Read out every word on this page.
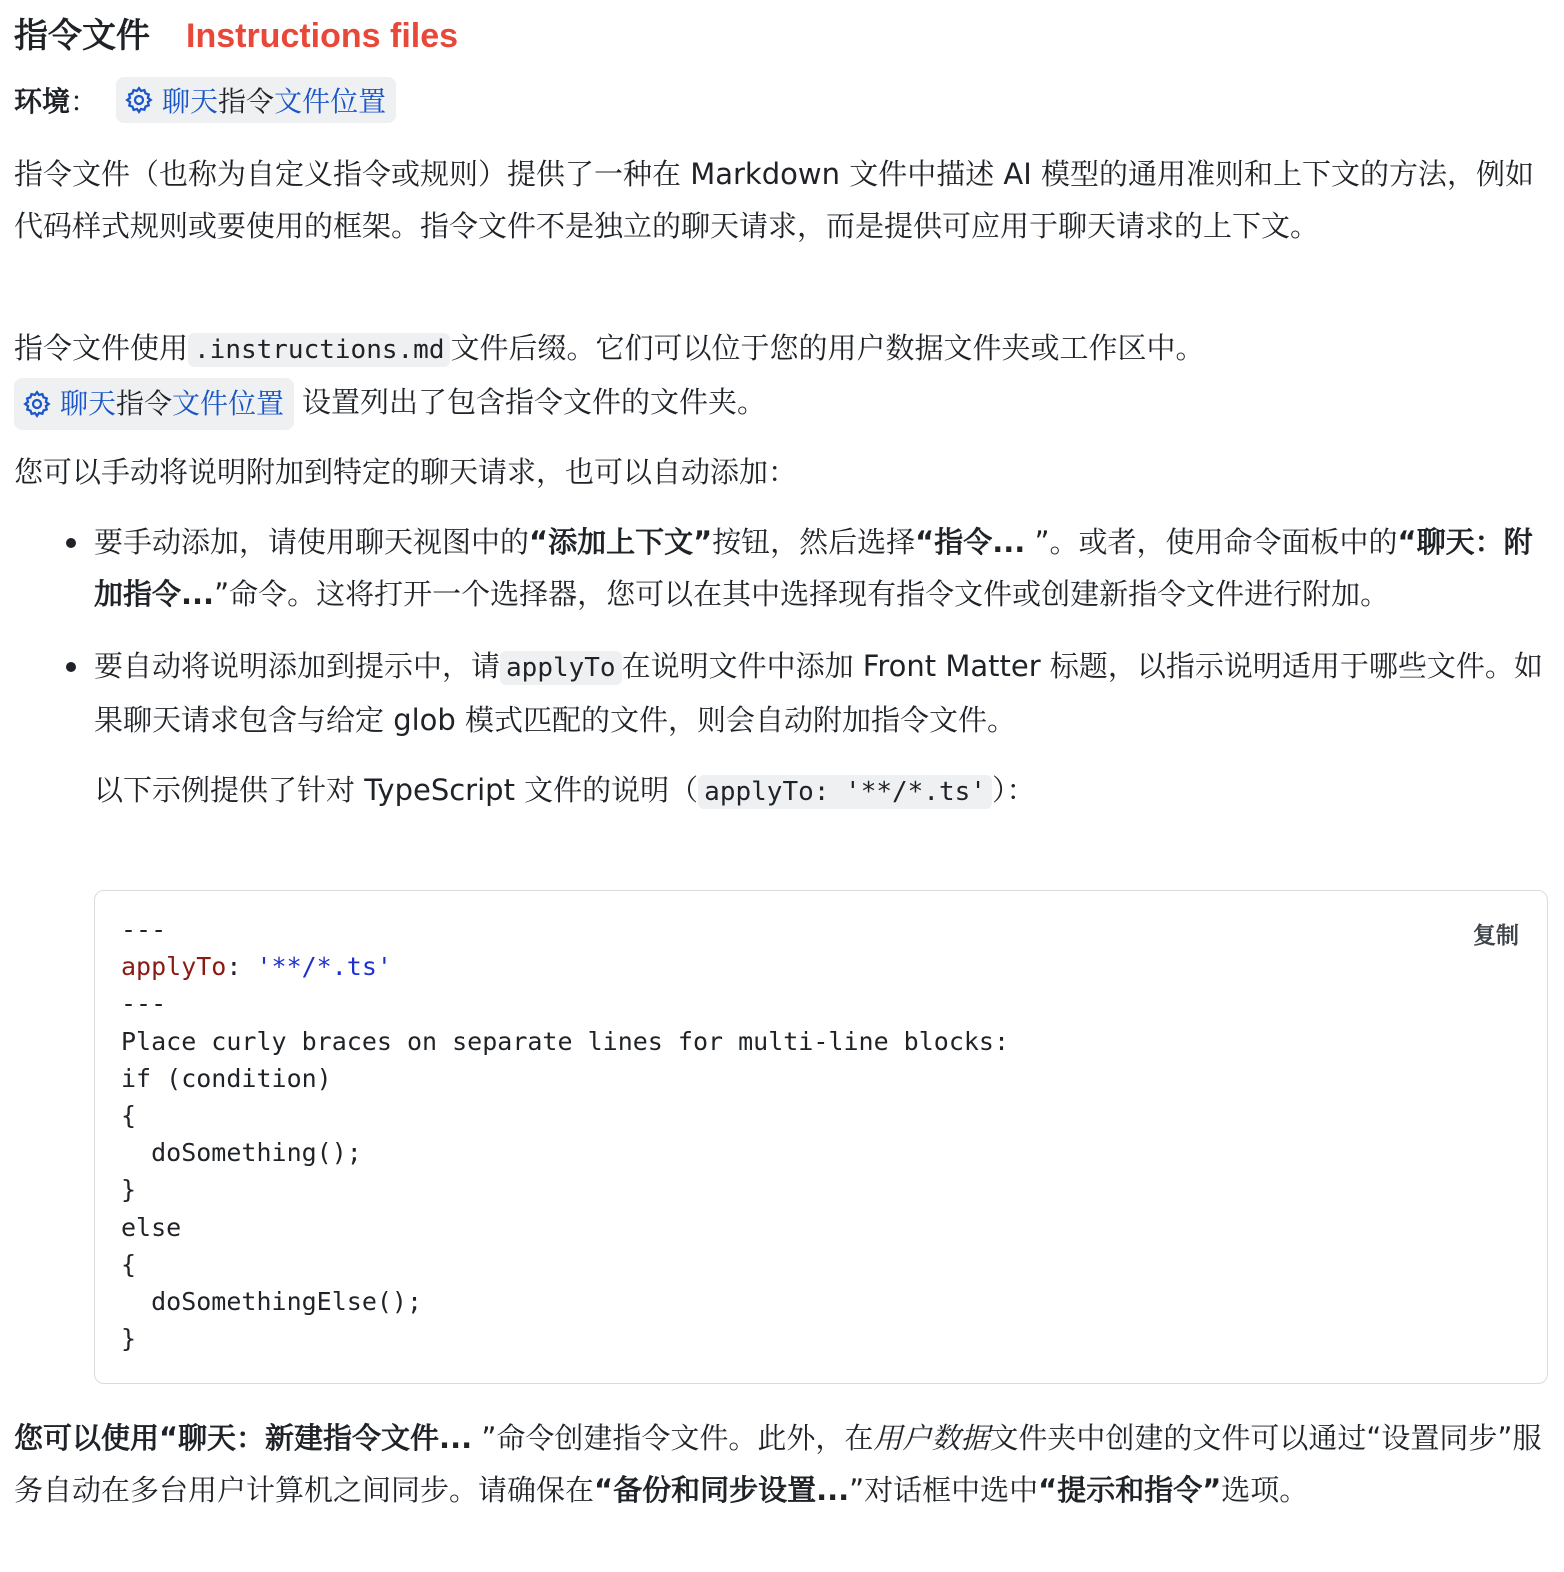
指令文件 Instructions files
环境 ： 聊天 指令 文件位置
指令文件（也称为自定义指令或规则）提供了一种在 Markdown 文件中描述 AI 模型的通用准则和上下文的方法，例如代码样式规则或要使用的框架。指令文件不是独立的聊天请求，而是提供可应用于聊天请求的上下文。
指令文件使用 .instructions.md 文件后缀。它们可以位于您的用户数据文件夹或工作区中。

聊天 指令 文件位置 设置列出了包含指令文件的文件夹。
您可以手动将说明附加到特定的聊天请求，也可以自动添加：
要手动添加，请使用聊天视图中的“添加上下文”按钮，然后选择“指令... ”。或者，使用命令面板中的“聊天：附加指令...”命令。这将打开一个选择器，您可以在其中选择现有指令文件或创建新指令文件进行附加。
要自动将说明添加到提示中，请 applyTo 在说明文件中添加 Front Matter 标题，以指示说明适用于哪些文件。如果聊天请求包含与给定 glob 模式匹配的文件，则会自动附加指令文件。
以下示例提供了针对 TypeScript 文件的说明（ applyTo: '**/*.ts' ）：
复制
---
applyTo: '**/*.ts'
---
Place curly braces on separate lines for multi-line blocks:
if (condition)
{
doSomething();
}
else
{
doSomethingElse();
}
您可以使用“聊天：新建指令文件... ”命令创建指令文件。此外，在用户数据文件夹中创建的文件可以通过“设置同步”服务自动在多台用户计算机之间同步。请确保在“备份和同步设置...”对话框中选中“提示和指令”选项。
